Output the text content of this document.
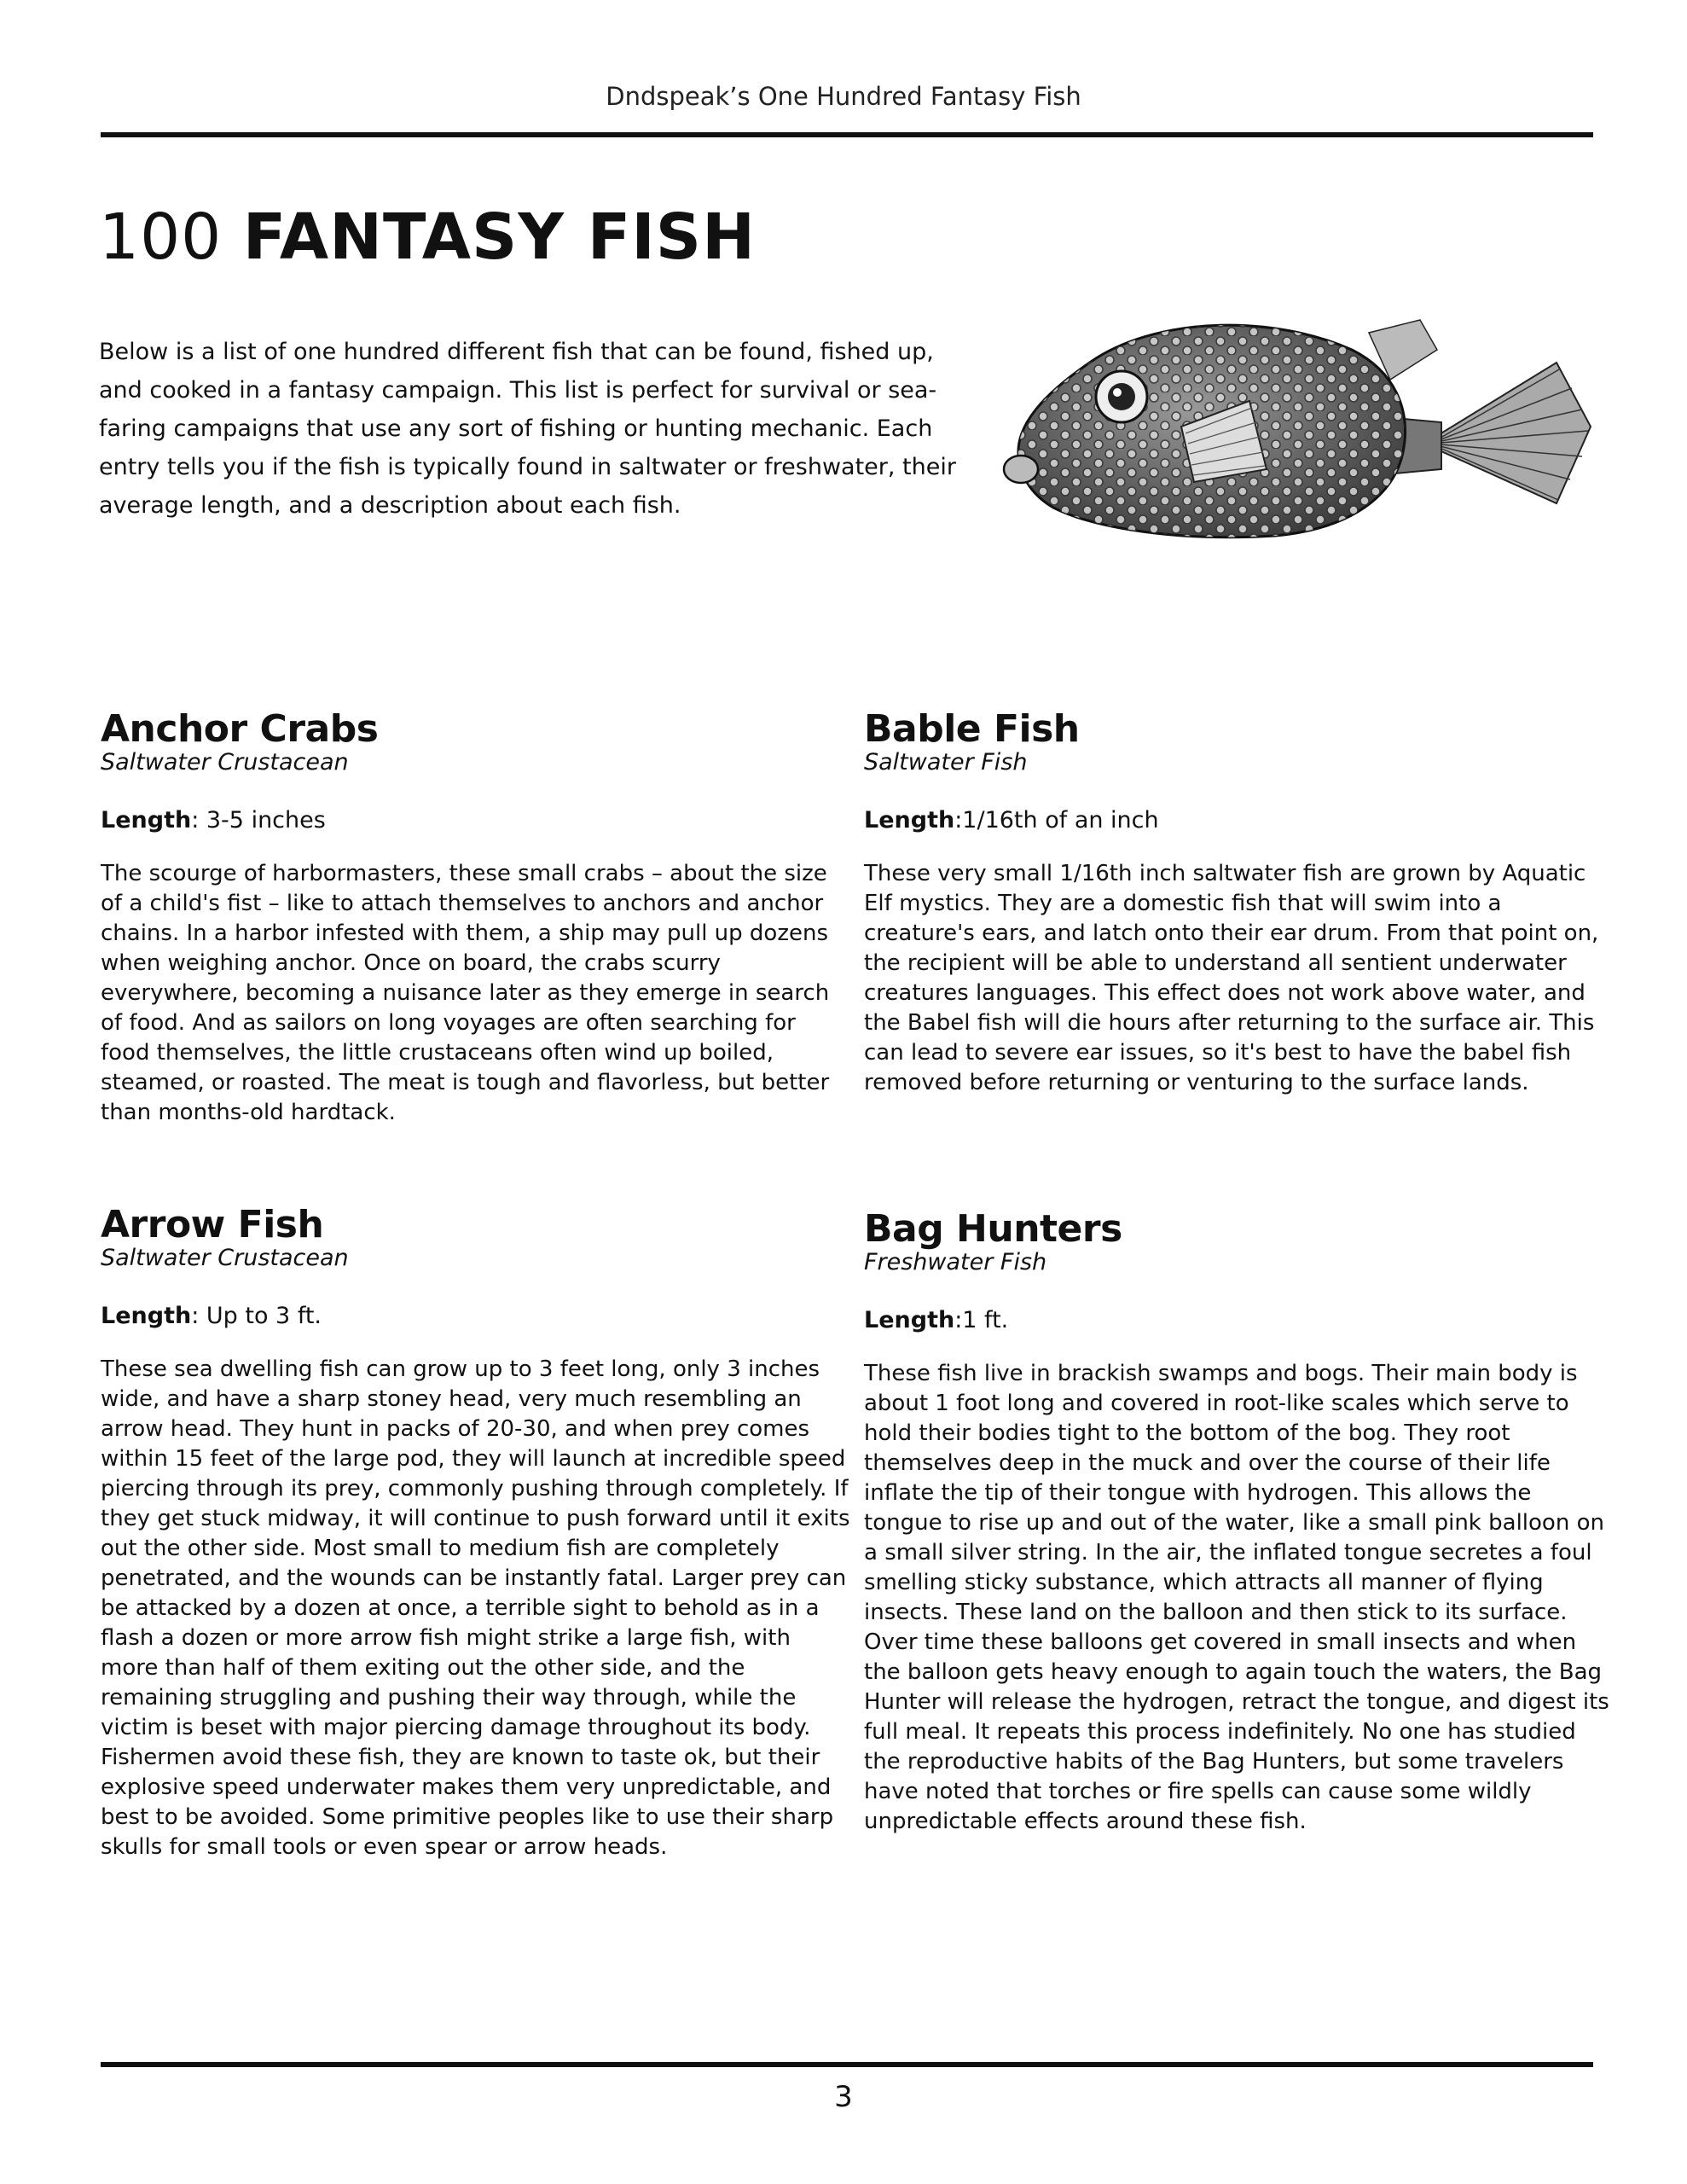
Dndspeak’s One Hundred Fantasy Fish
100 FANTASY FISH

Below is a list of one hundred different fish that can be found, fished up, and cooked in a fantasy campaign. This list is perfect for survival or sea-faring campaigns that use any sort of fishing or hunting mechanic. Each entry tells you if the fish is typically found in saltwater or freshwater, their average length, and a description about each fish.

Anchor Crabs
Saltwater Crustacean
Length: 3-5 inches
The scourge of harbormasters, these small crabs – about the size of a child's fist – like to attach themselves to anchors and anchor chains. In a harbor infested with them, a ship may pull up dozens when weighing anchor. Once on board, the crabs scurry everywhere, becoming a nuisance later as they emerge in search of food. And as sailors on long voyages are often searching for food themselves, the little crustaceans often wind up boiled, steamed, or roasted. The meat is tough and flavorless, but better than months-old hardtack.
Bable Fish
Saltwater Fish
Length:1/16th of an inch
These very small 1/16th inch saltwater fish are grown by Aquatic Elf mystics. They are a domestic fish that will swim into a creature's ears, and latch onto their ear drum. From that point on, the recipient will be able to understand all sentient underwater creatures languages. This effect does not work above water, and the Babel fish will die hours after returning to the surface air. This can lead to severe ear issues, so it's best to have the babel fish removed before returning or venturing to the surface lands.
Arrow Fish
Saltwater Crustacean
Length: Up to 3 ft.
These sea dwelling fish can grow up to 3 feet long, only 3 inches wide, and have a sharp stoney head, very much resembling an arrow head. They hunt in packs of 20-30, and when prey comes within 15 feet of the large pod, they will launch at incredible speed piercing through its prey, commonly pushing through completely. If they get stuck midway, it will continue to push forward until it exits out the other side. Most small to medium fish are completely penetrated, and the wounds can be instantly fatal. Larger prey can be attacked by a dozen at once, a terrible sight to behold as in a flash a dozen or more arrow fish might strike a large fish, with more than half of them exiting out the other side, and the remaining struggling and pushing their way through, while the victim is beset with major piercing damage throughout its body. Fishermen avoid these fish, they are known to taste ok, but their explosive speed underwater makes them very unpredictable, and best to be avoided. Some primitive peoples like to use their sharp skulls for small tools or even spear or arrow heads.
Bag Hunters
Freshwater Fish
Length:1 ft.
These fish live in brackish swamps and bogs. Their main body is about 1 foot long and covered in root-like scales which serve to hold their bodies tight to the bottom of the bog. They root themselves deep in the muck and over the course of their life inflate the tip of their tongue with hydrogen. This allows the tongue to rise up and out of the water, like a small pink balloon on a small silver string. In the air, the inflated tongue secretes a foul smelling sticky substance, which attracts all manner of flying insects. These land on the balloon and then stick to its surface. Over time these balloons get covered in small insects and when the balloon gets heavy enough to again touch the waters, the Bag Hunter will release the hydrogen, retract the tongue, and digest its full meal. It repeats this process indefinitely. No one has studied the reproductive habits of the Bag Hunters, but some travelers have noted that torches or fire spells can cause some wildly unpredictable effects around these fish.
3
